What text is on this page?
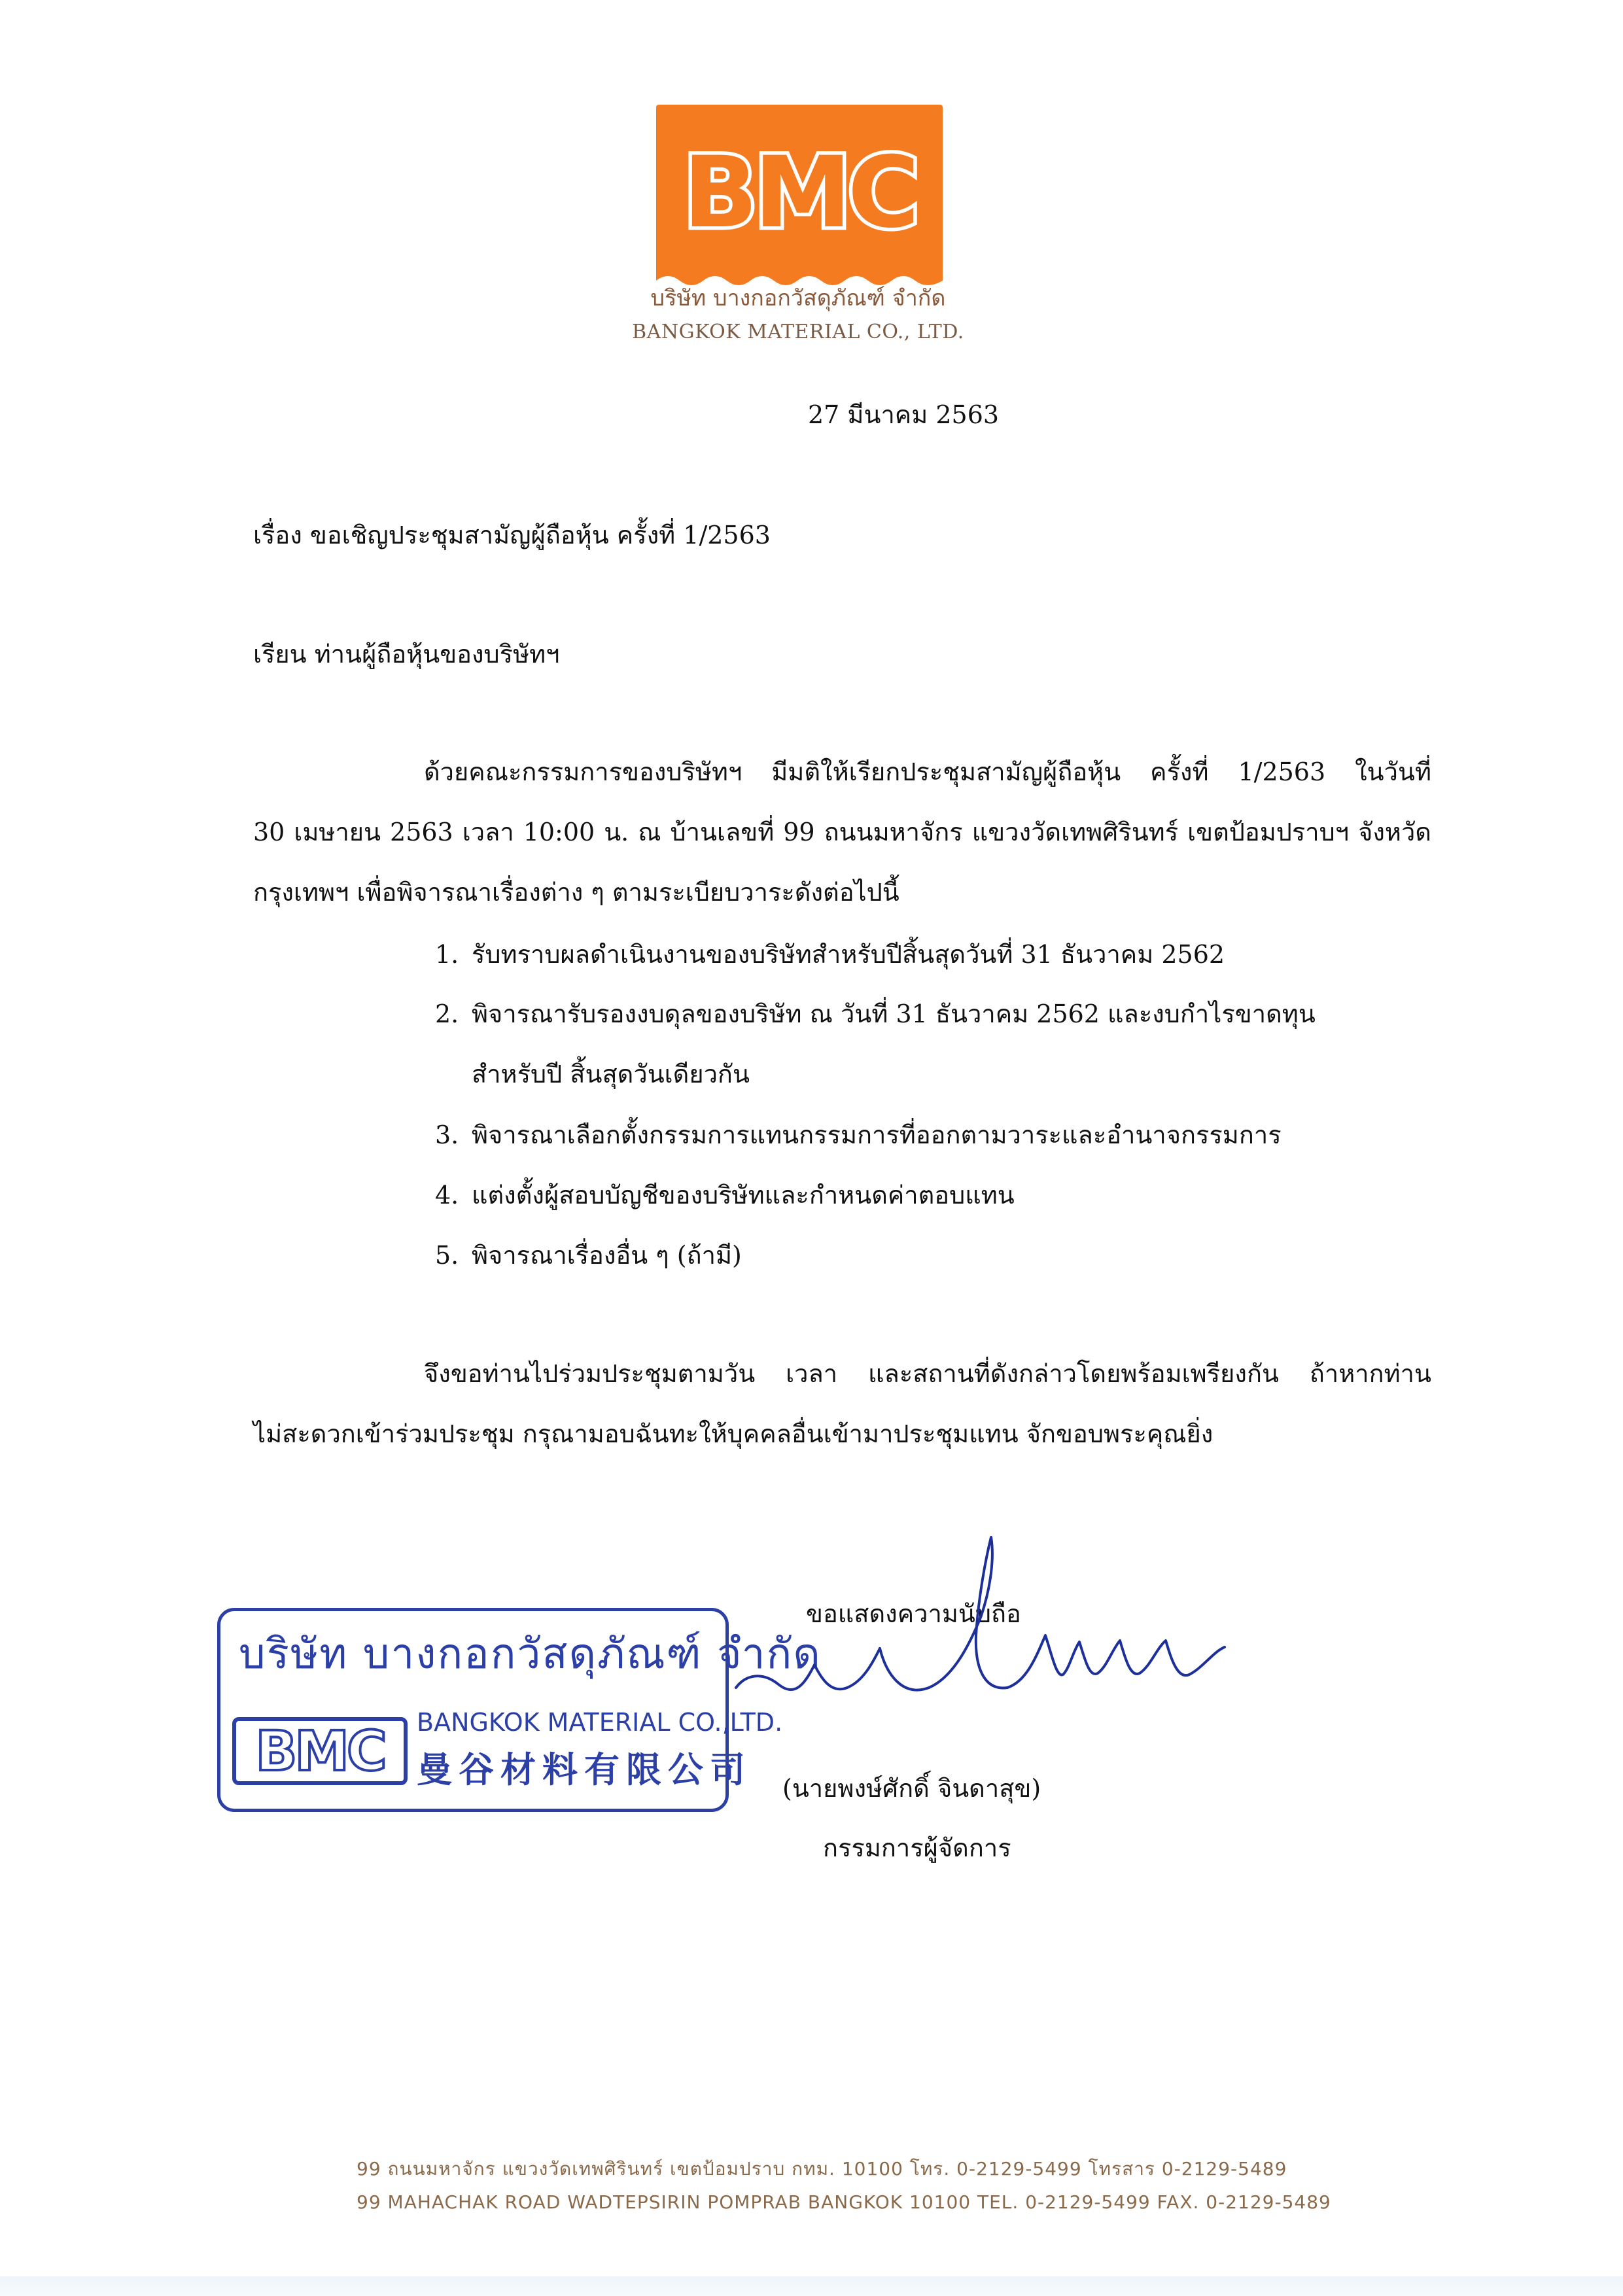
BMC
บริษัท บางกอกวัสดุภัณฑ์ จำกัด
BANGKOK MATERIAL CO., LTD.
27 มีนาคม 2563
เรื่อง ขอเชิญประชุมสามัญผู้ถือหุ้น ครั้งที่ 1/2563
เรียน ท่านผู้ถือหุ้นของบริษัทฯ
ด้วยคณะกรรมการของบริษัทฯ มีมติให้เรียกประชุมสามัญผู้ถือหุ้น ครั้งที่ 1/2563 ในวันที่
30 เมษายน 2563 เวลา 10:00 น. ณ บ้านเลขที่ 99 ถนนมหาจักร แขวงวัดเทพศิรินทร์ เขตป้อมปราบฯ จังหวัด
กรุงเทพฯ เพื่อพิจารณาเรื่องต่าง ๆ ตามระเบียบวาระดังต่อไปนี้
1. รับทราบผลดำเนินงานของบริษัทสำหรับปีสิ้นสุดวันที่ 31 ธันวาคม 2562
2. พิจารณารับรองงบดุลของบริษัท ณ วันที่ 31 ธันวาคม 2562 และงบกำไรขาดทุน
สำหรับปี สิ้นสุดวันเดียวกัน
3. พิจารณาเลือกตั้งกรรมการแทนกรรมการที่ออกตามวาระและอำนาจกรรมการ
4. แต่งตั้งผู้สอบบัญชีของบริษัทและกำหนดค่าตอบแทน
5. พิจารณาเรื่องอื่น ๆ (ถ้ามี)
จึงขอท่านไปร่วมประชุมตามวัน เวลา และสถานที่ดังกล่าวโดยพร้อมเพรียงกัน ถ้าหากท่าน
ไม่สะดวกเข้าร่วมประชุม กรุณามอบฉันทะให้บุคคลอื่นเข้ามาประชุมแทน จักขอบพระคุณยิ่ง
ขอแสดงความนับถือ
บริษัท บางกอกวัสดุภัณฑ์ จำกัด
BMC	BANGKOK MATERIAL CO.,LTD.
曼谷材料有限公司 (นายพงษ์ศักดิ์ จินดาสุข)
กรรมการผู้จัดการ
99 ถนนมหาจักร แขวงวัดเทพศิรินทร์ เขตป้อมปราบ กทม. 10100 โทร. 0-2129-5499 โทรสาร 0-2129-5489
99 MAHACHAK ROAD WADTEPSIRIN POMPRAB BANGKOK 10100 TEL. 0-2129-5499 FAX. 0-2129-5489
